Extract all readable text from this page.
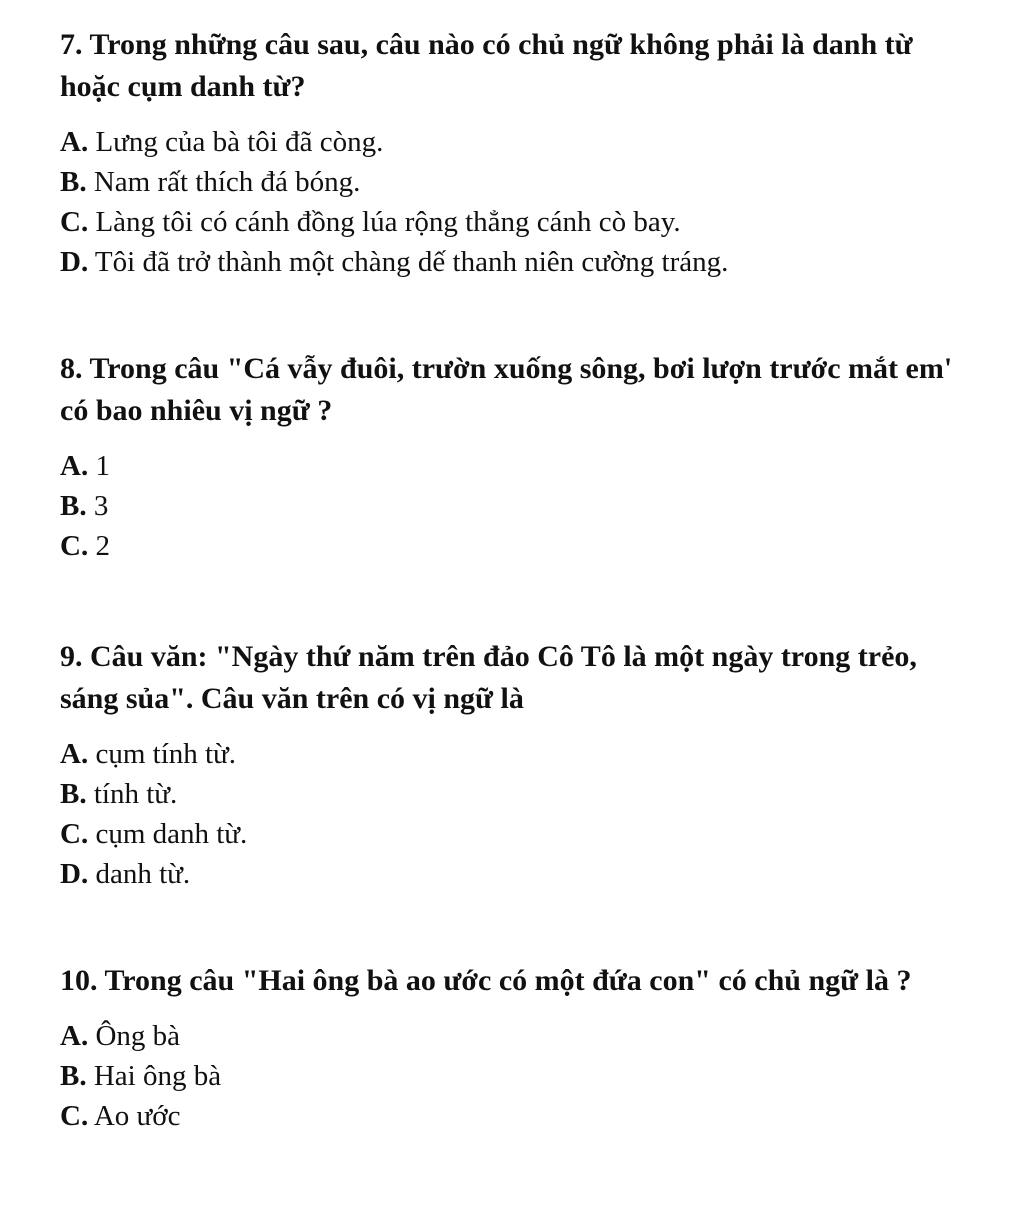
7. Trong những câu sau, câu nào có chủ ngữ không phải là danh từ hoặc cụm danh từ?

A. Lưng của bà tôi đã còng.
B. Nam rất thích đá bóng.
C. Làng tôi có cánh đồng lúa rộng thẳng cánh cò bay.
D. Tôi đã trở thành một chàng dế thanh niên cường tráng.

8. Trong câu "Cá vẫy đuôi, trườn xuống sông, bơi lượn trước mắt em' có bao nhiêu vị ngữ ?

A. 1
B. 3
C. 2

9. Câu văn: "Ngày thứ năm trên đảo Cô Tô là một ngày trong trẻo, sáng sủa". Câu văn trên có vị ngữ là

A. cụm tính từ.
B. tính từ.
C. cụm danh từ.
D. danh từ.

10. Trong câu "Hai ông bà ao ước có một đứa con" có chủ ngữ là ?

A. Ông bà
B. Hai ông bà
C. Ao ước
